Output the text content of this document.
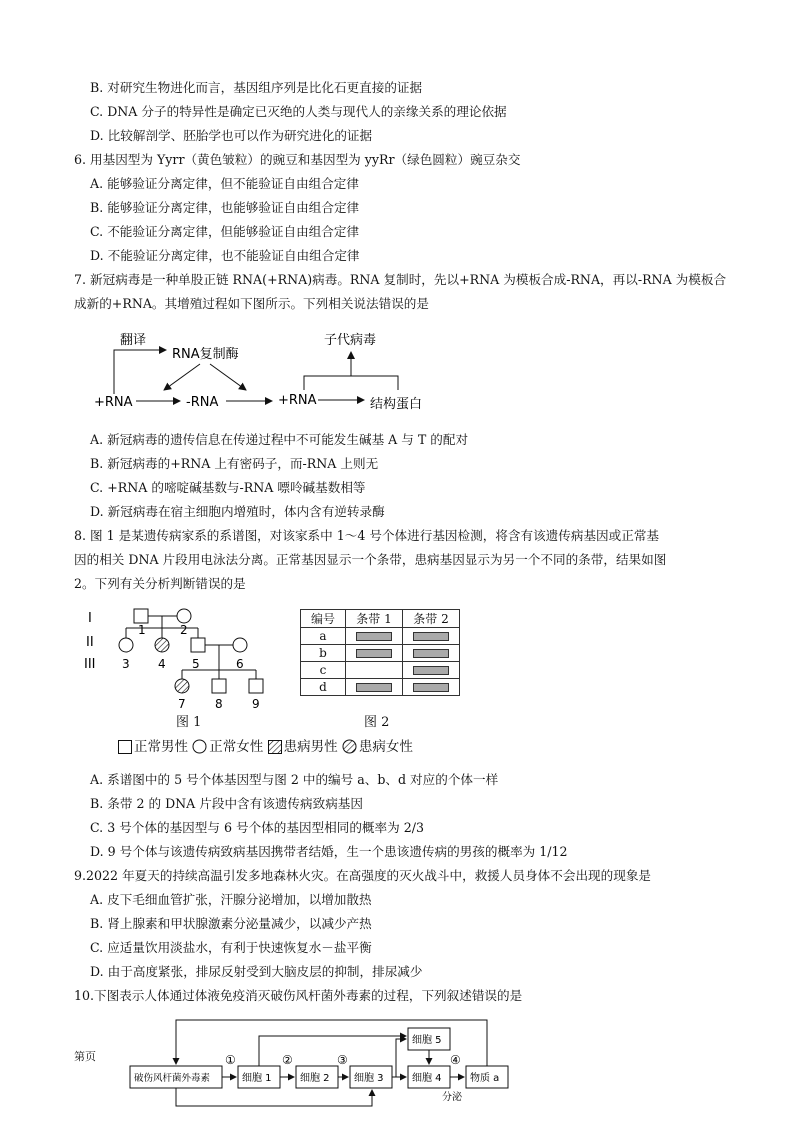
B. 对研究生物进化而言，基因组序列是比化石更直接的证据
C. DNA 分子的特异性是确定已灭绝的人类与现代人的亲缘关系的理论依据
D. 比较解剖学、胚胎学也可以作为研究进化的证据
6. 用基因型为 Yyrr（黄色皱粒）的豌豆和基因型为 yyRr（绿色圆粒）豌豆杂交
A. 能够验证分离定律，但不能验证自由组合定律
B. 能够验证分离定律，也能够验证自由组合定律
C. 不能验证分离定律，但能够验证自由组合定律
D. 不能验证分离定律，也不能验证自由组合定律
7. 新冠病毒是一种单股正链 RNA(+RNA)病毒。RNA 复制时，先以+RNA 为模板合成-RNA，再以-RNA 为模板合
成新的+RNA。其增殖过程如下图所示。下列相关说法错误的是
翻译
RNA复制酶
+RNA	-RNA	+RNA
子代病毒
结构蛋白
A. 新冠病毒的遗传信息在传递过程中不可能发生碱基 A 与 T 的配对
B. 新冠病毒的+RNA 上有密码子，而-RNA 上则无
C. +RNA 的嘧啶碱基数与-RNA 嘌呤碱基数相等
D. 新冠病毒在宿主细胞内增殖时，体内含有逆转录酶
8. 图 1 是某遗传病家系的系谱图，对该家系中 1～4 号个体进行基因检测，将含有该遗传病基因或正常基
因的相关 DNA 片段用电泳法分离。正常基因显示一个条带，患病基因显示为另一个不同的条带，结果如图
2。下列有关分析判断错误的是
I
II
III
1	2
3 4 5	6
7 8 9
图 1
编号	条带 1	条带 2
a		
b		
c		
d		
图 2
正常男性 正常女性 患病男性 患病女性
A. 系谱图中的 5 号个体基因型与图 2 中的编号 a、b、d 对应的个体一样
B. 条带 2 的 DNA 片段中含有该遗传病致病基因
C. 3 号个体的基因型与 6 号个体的基因型相同的概率为 2/3
D. 9 号个体与该遗传病致病基因携带者结婚，生一个患该遗传病的男孩的概率为 1/12
9.2022 年夏天的持续高温引发多地森林火灾。在高强度的灭火战斗中，救援人员身体不会出现的现象是
A. 皮下毛细血管扩张，汗腺分泌增加，以增加散热
B. 肾上腺素和甲状腺激素分泌量减少，以减少产热
C. 应适量饮用淡盐水，有利于快速恢复水－盐平衡
D. 由于高度紧张，排尿反射受到大脑皮层的抑制，排尿减少
10.下图表示人体通过体液免疫消灭破伤风杆菌外毒素的过程，下列叙述错误的是
破伤风杆菌外毒素	细胞 1	细胞 2 细胞 3	细胞 4
细胞 5
物质 a
①	②	③	④
分泌
第页
